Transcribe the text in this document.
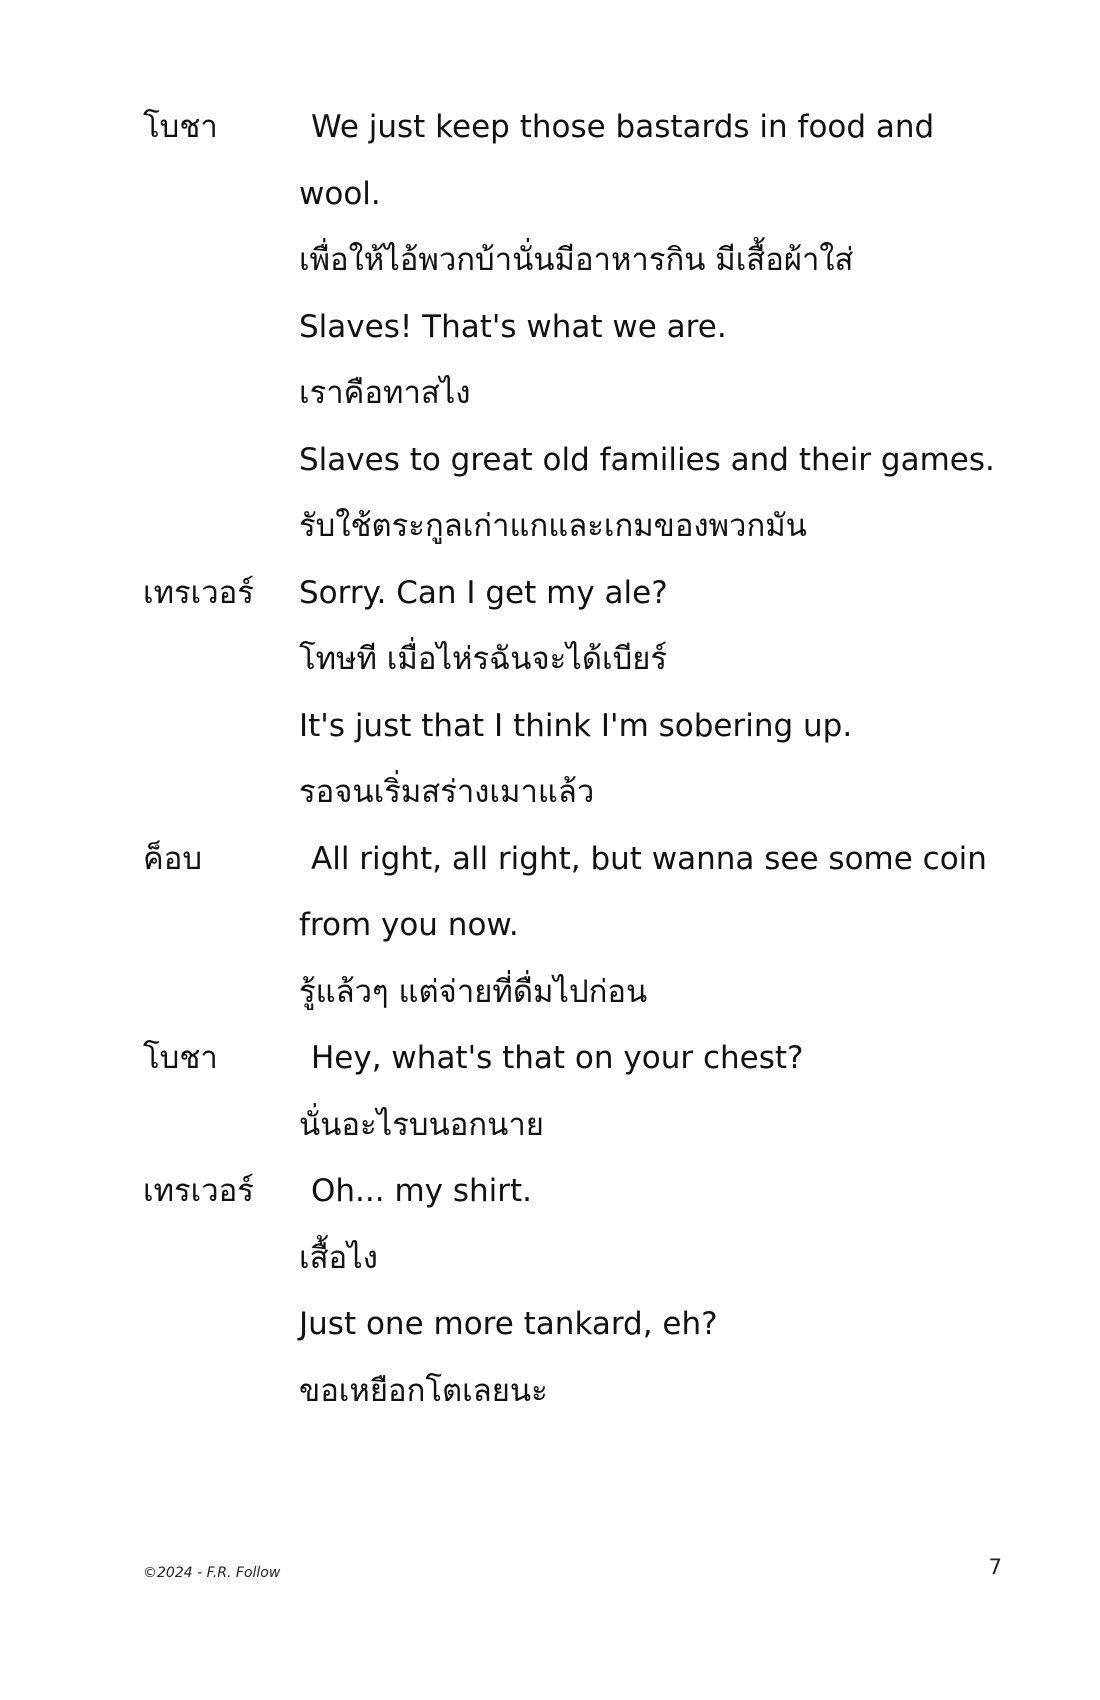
โบชา	We just keep those bastards in food and wool.

เพื่อให้ไอ้พวกบ้านั่นมีอาหารกิน มีเสื้อผ้าใส่

Slaves! That's what we are.

เราคือทาสไง

Slaves to great old families and their games.

รับใช้ตระกูลเก่าแกและเกมของพวกมัน

เทรเวอร์	Sorry. Can I get my ale?

โทษที เมื่อไห่รฉันจะได้เบียร์

It's just that I think I'm sobering up.

รอจนเริ่มสร่างเมาแล้ว

ค็อบ	All right, all right, but wanna see some coin from you now.

รู้แล้วๆ แต่จ่ายที่ดื่มไปก่อน

โบชา	Hey, what's that on your chest?

นั่นอะไรบนอกนาย

เทรเวอร์	Oh... my shirt.

เสื้อไง

Just one more tankard, eh?

ขอเหยือกโตเลยนะ

©2024 - F.R. Follow	7
